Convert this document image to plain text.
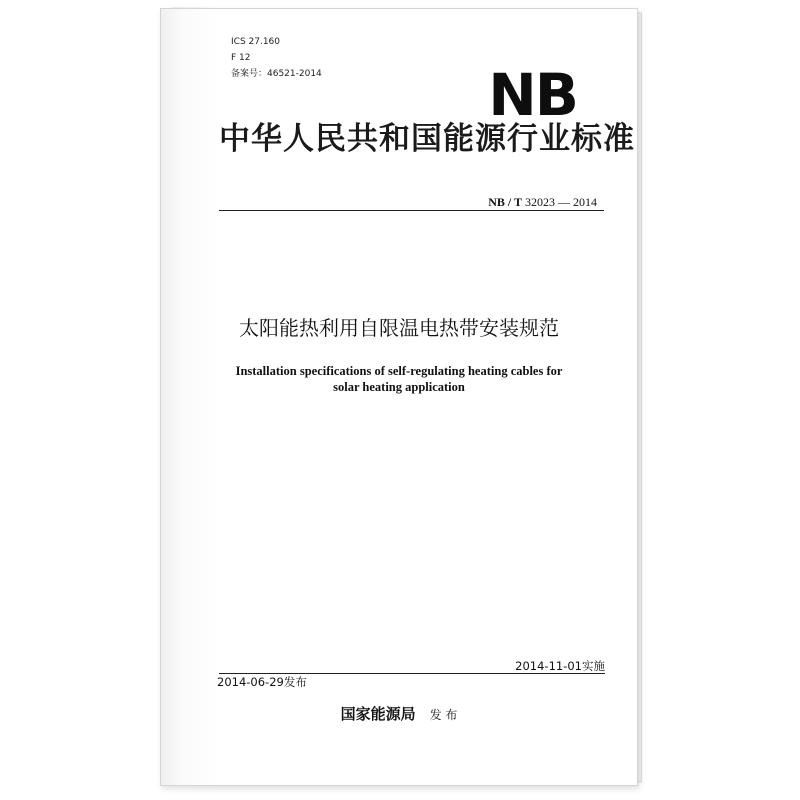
ICS 27.160
F 12
备案号：46521-2014	NB
中华人民共和国能源行业标准
NB / T 32023 — 2014
太阳能热利用自限温电热带安装规范
Installation specifications of self-regulating heating cables for
solar heating application
2014-11-01实施
2014-06-29发布
国家能源局 发 布
